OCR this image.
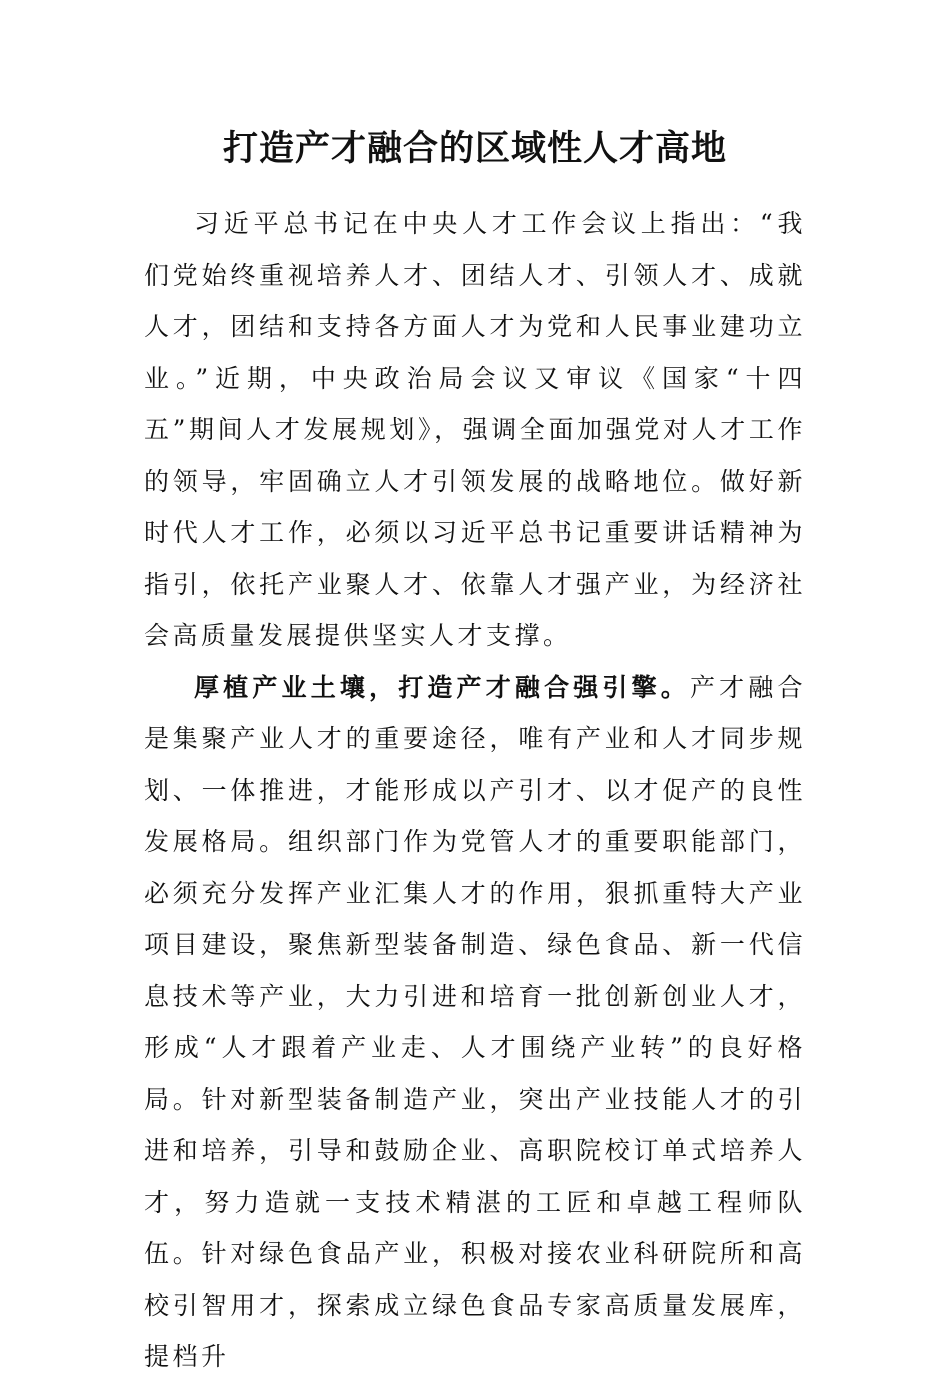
打造产才融合的区域性人才高地

习近平总书记在中央人才工作会议上指出：“我们党始终重视培养人才、团结人才、引领人才、成就人才，团结和支持各方面人才为党和人民事业建功立业。”近期，中央政治局会议又审议《国家“十四五”期间人才发展规划》，强调全面加强党对人才工作的领导，牢固确立人才引领发展的战略地位。做好新时代人才工作，必须以习近平总书记重要讲话精神为指引，依托产业聚人才、依靠人才强产业，为经济社会高质量发展提供坚实人才支撑。

厚植产业土壤，打造产才融合强引擎。产才融合是集聚产业人才的重要途径，唯有产业和人才同步规划、一体推进，才能形成以产引才、以才促产的良性发展格局。组织部门作为党管人才的重要职能部门，必须充分发挥产业汇集人才的作用，狠抓重特大产业项目建设，聚焦新型装备制造、绿色食品、新一代信息技术等产业，大力引进和培育一批创新创业人才，形成“人才跟着产业走、人才围绕产业转”的良好格局。针对新型装备制造产业，突出产业技能人才的引进和培养，引导和鼓励企业、高职院校订单式培养人才，努力造就一支技术精湛的工匠和卓越工程师队伍。针对绿色食品产业，积极对接农业科研院所和高校引智用才，探索成立绿色食品专家高质量发展库，提档升
